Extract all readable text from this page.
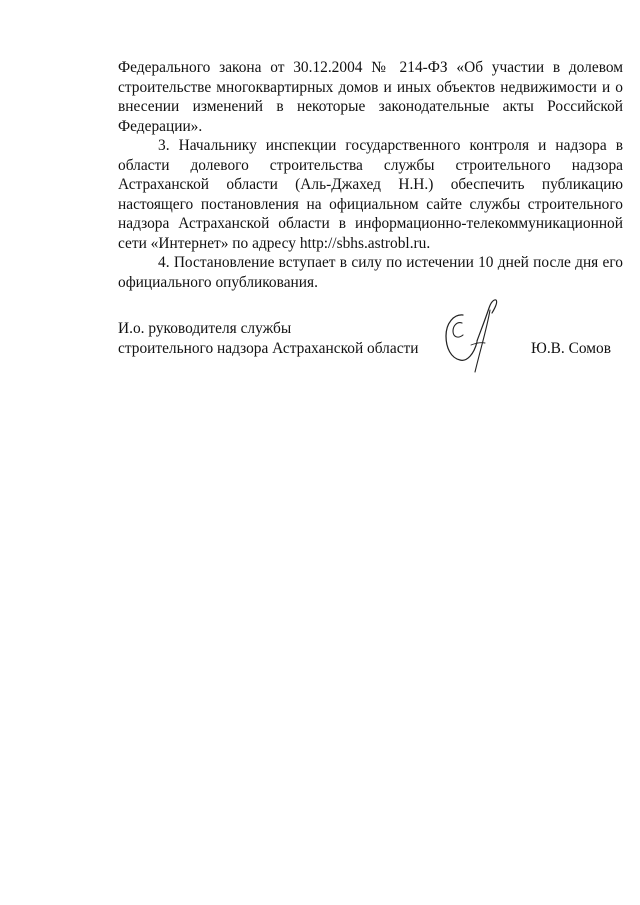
Федерального закона от 30.12.2004 № 214-ФЗ «Об участии в долевом строительстве многоквартирных домов и иных объектов недвижимости и о внесении изменений в некоторые законодательные акты Российской Федерации».

3. Начальнику инспекции государственного контроля и надзора в области долевого строительства службы строительного надзора Астраханской области (Аль-Джахед Н.Н.) обеспечить публикацию настоящего постановления на официальном сайте службы строительного надзора Астраханской области в информационно-телекоммуникационной сети «Интернет» по адресу http://sbhs.astrobl.ru.

4. Постановление вступает в силу по истечении 10 дней после дня его официального опубликования.

И.о. руководителя службы
строительного надзора Астраханской области	Ю.В. Сомов
